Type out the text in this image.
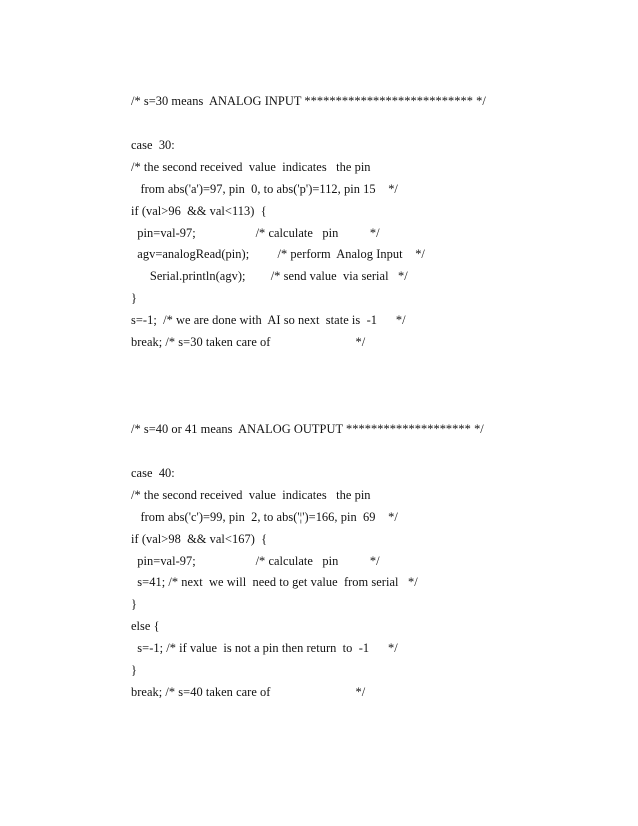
/* s=30 means  ANALOG INPUT *************************** */
case  30:
/* the second received  value  indicates   the pin
from abs('a')=97, pin  0, to abs('p')=112, pin 15    */
if (val>96  && val<113)  {
pin=val-97;                   /* calculate   pin          */
agv=analogRead(pin);         /* perform  Analog Input    */
Serial.println(agv);        /* send value  via serial   */
}
s=-1;  /* we are done with  AI so next  state is  -1      */
break; /* s=30 taken care of                           */
/* s=40 or 41 means  ANALOG OUTPUT ******************** */
case  40:
/* the second received  value  indicates   the pin
from abs('c')=99, pin  2, to abs('¦')=166, pin  69    */
if (val>98  && val<167)  {
pin=val-97;                   /* calculate   pin          */
s=41; /* next  we will  need to get value  from serial   */
}
else {
s=-1; /* if value  is not a pin then return  to  -1      */
}
break; /* s=40 taken care of                           */
